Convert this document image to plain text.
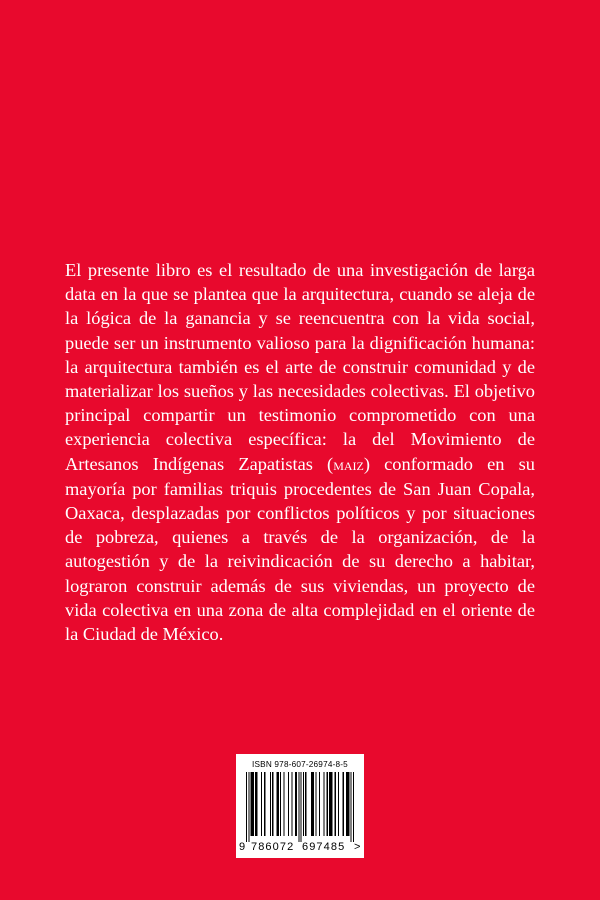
El presente libro es el resultado de una investigación de larga data en la que se plantea que la arquitectura, cuando se aleja de la lógica de la ganancia y se reencuentra con la vida social, puede ser un instrumento valioso para la dignificación humana: la arquitectura también es el arte de construir comunidad y de materializar los sueños y las necesidades colectivas. El objetivo principal compartir un testimonio comprometido con una experiencia colectiva específica: la del Movimiento de Artesanos Indígenas Zapatistas (maiz) conformado en su mayoría por familias triquis procedentes de San Juan Copala, Oaxaca, desplazadas por conflictos políticos y por situaciones de pobreza, quienes a través de la organización, de la autogestión y de la reivindicación de su derecho a habitar, lograron construir además de sus viviendas, un proyecto de vida colectiva en una zona de alta complejidad en el oriente de la Ciudad de México.

ISBN 978-607-26974-8-5
9 786072 697485 >
